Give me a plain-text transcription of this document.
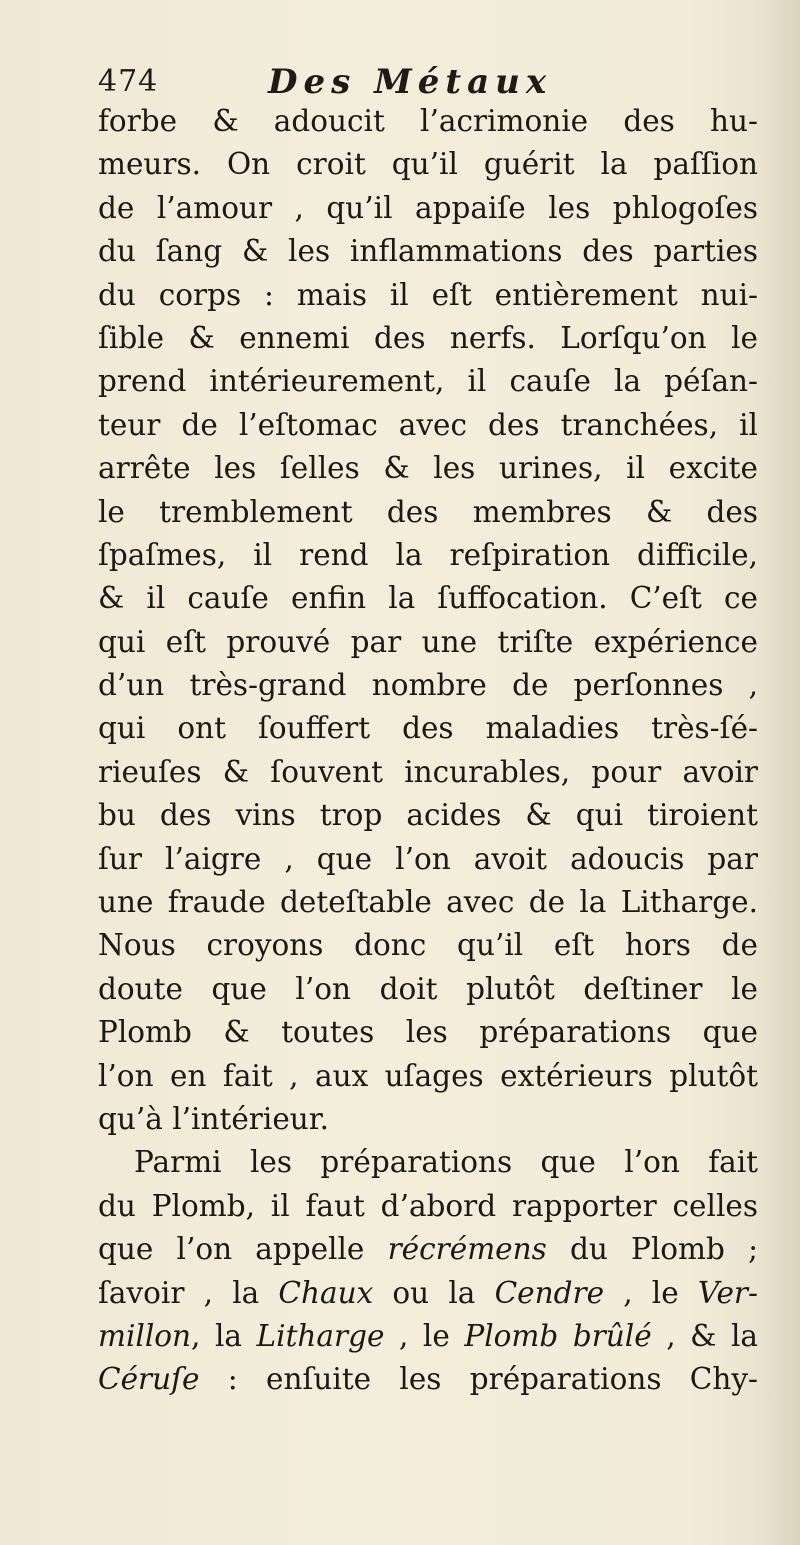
474	Des Métaux
forbe & adoucit l’acrimonie des hu-
meurs. On croit qu’il guérit la paſſion
de l’amour , qu’il appaiſe les phlogoſes
du ſang & les inflammations des parties
du corps : mais il eſt entièrement nui-
ſible & ennemi des nerfs. Lorſqu’on le
prend intérieurement, il cauſe la péſan-
teur de l’eſtomac avec des tranchées, il
arrête les ſelles & les urines, il excite
le tremblement des membres & des
ſpaſmes, il rend la reſpiration difficile,
& il cauſe enfin la ſuffocation. C’eſt ce
qui eſt prouvé par une triſte expérience
d’un très-grand nombre de perſonnes ,
qui ont ſouffert des maladies très-ſé-
rieuſes & ſouvent incurables, pour avoir
bu des vins trop acides & qui tiroient
ſur l’aigre , que l’on avoit adoucis par
une fraude deteſtable avec de la Litharge.
Nous croyons donc qu’il eſt hors de
doute que l’on doit plutôt deſtiner le
Plomb & toutes les préparations que
l’on en fait , aux uſages extérieurs plutôt
qu’à l’intérieur.
Parmi les préparations que l’on fait
du Plomb, il faut d’abord rapporter celles
que l’on appelle récrémens du Plomb ;
ſavoir , la Chaux ou la Cendre , le Ver-
millon, la Litharge , le Plomb brûlé , & la
Céruſe : enſuite les préparations Chy-
